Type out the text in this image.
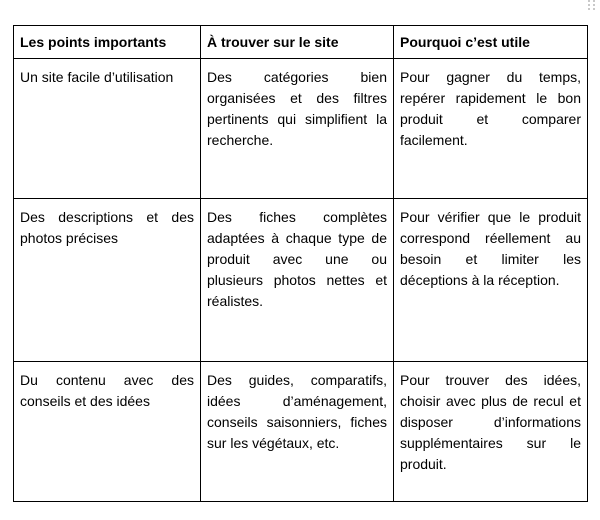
Les points importants	À trouver sur le site	Pourquoi c’est utile
Un site facile d’utilisation	Des catégories bien organisées et des filtres pertinents qui simplifient la recherche.	Pour gagner du temps, repérer rapidement le bon produit et comparer facilement.
Des descriptions et des photos précises	Des fiches complètes adaptées à chaque type de produit avec une ou plusieurs photos nettes et réalistes.	Pour vérifier que le produit correspond réellement au besoin et limiter les déceptions à la réception.
Du contenu avec des conseils et des idées	Des guides, comparatifs, idées d’aménagement, conseils saisonniers, fiches sur les végétaux, etc.	Pour trouver des idées, choisir avec plus de recul et disposer d’informations supplémentaires sur le produit.
